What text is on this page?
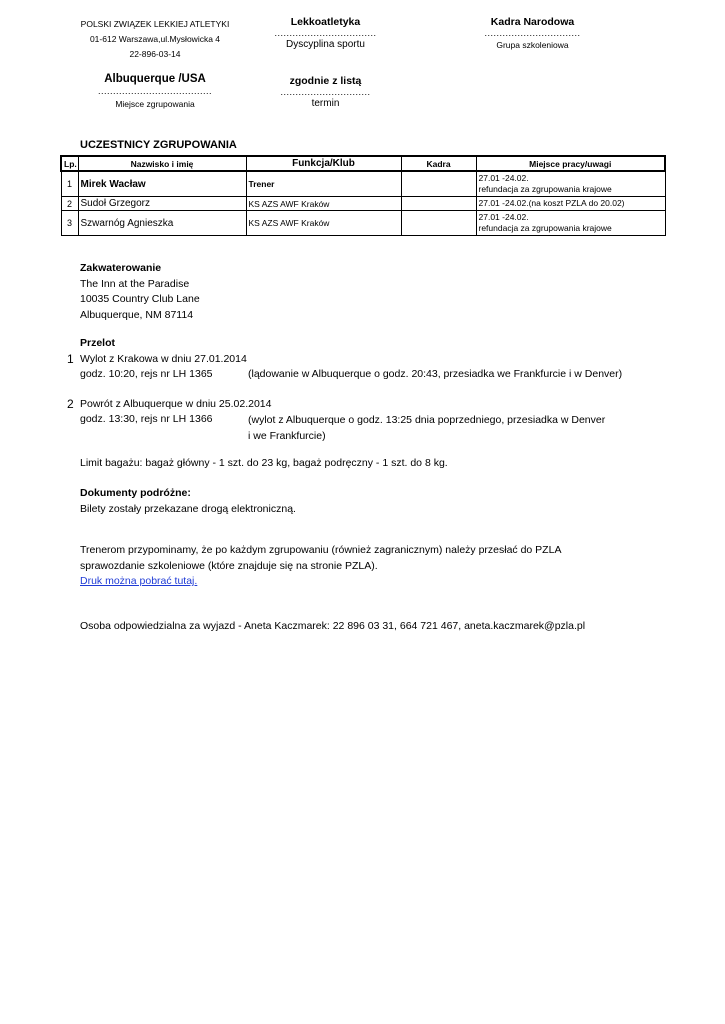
POLSKI ZWIĄZEK LEKKIEJ ATLETYKI
01-612 Warszawa,ul.Mysłowicka 4
22-896-03-14
Albuquerque /USA
......................................
Miejsce zgrupowania
Lekkoatletyka
..................................
Dyscyplina sportu
zgodnie z listą
..............................
termin
Kadra Narodowa
................................
Grupa szkoleniowa
UCZESTNICY ZGRUPOWANIA
Lp.	Nazwisko i imię	Funkcja/Klub	Kadra	Miejsce pracy/uwagi
1	Mirek Wacław	Trener		27.01 -24.02.
refundacja za zgrupowania krajowe

2	Sudoł Grzegorz	KS AZS AWF Kraków		27.01 -24.02.(na koszt PZLA do 20.02)
3	Szwarnóg Agnieszka	KS AZS AWF Kraków		27.01 -24.02.
refundacja za zgrupowania krajowe
Zakwaterowanie
The Inn at the Paradise
10035 Country Club Lane
Albuquerque, NM 87114
Przelot
1 Wylot z Krakowa w dniu 27.01.2014
godz. 10:20, rejs nr LH 1365	(lądowanie w Albuquerque o godz. 20:43, przesiadka we Frankfurcie i w Denver)
2 Powrót z Albuquerque w dniu 25.02.2014
godz. 13:30, rejs nr LH 1366	(wylot z Albuquerque o godz. 13:25 dnia poprzedniego, przesiadka w Denver
i we Frankfurcie)
Limit bagażu: bagaż główny - 1 szt. do 23 kg, bagaż podręczny - 1 szt. do 8 kg.
Dokumenty podróżne:
Bilety zostały przekazane drogą elektroniczną.
Trenerom przypominamy, że po każdym zgrupowaniu (również zagranicznym) należy przesłać do PZLA
sprawozdanie szkoleniowe (które znajduje się na stronie PZLA).
Druk można pobrać tutaj.
Osoba odpowiedzialna za wyjazd - Aneta Kaczmarek: 22 896 03 31, 664 721 467, aneta.kaczmarek@pzla.pl
